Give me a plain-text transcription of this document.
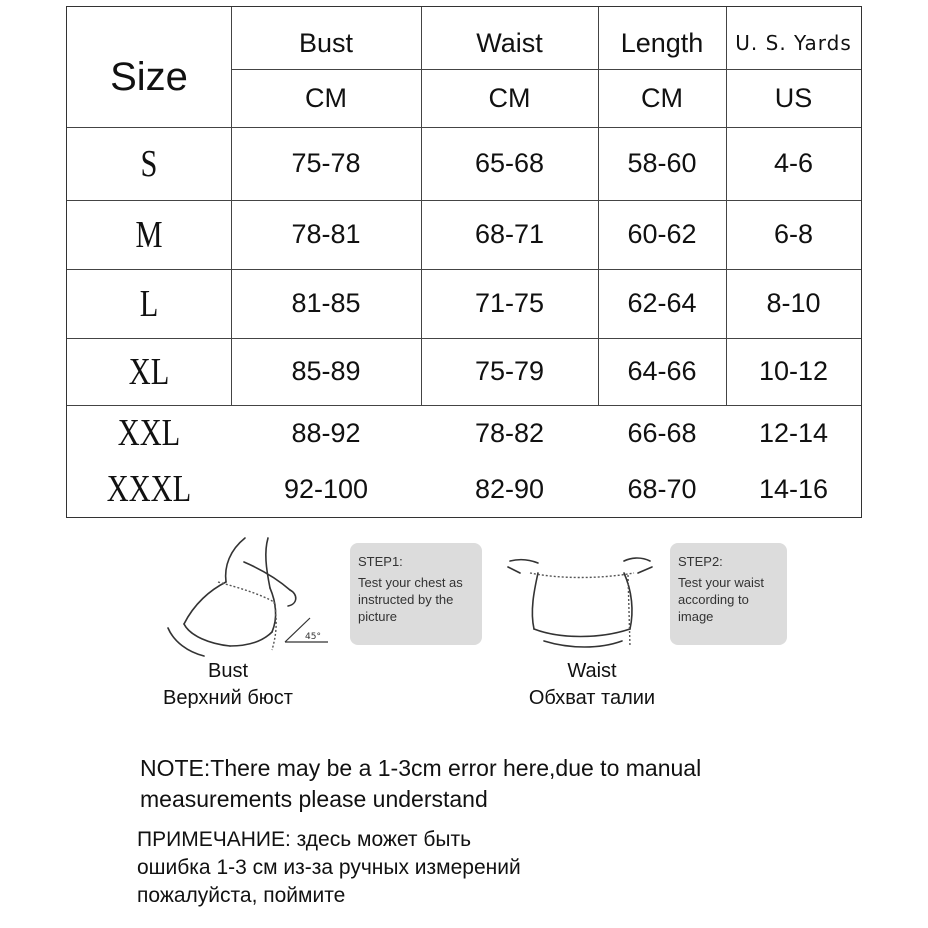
Size
Bust	Waist	Length	U. S. Yards
CM	CM	CM	US
S	75-78	65-68	58-60	4-6
M	78-81	68-71	60-62	6-8
L	81-85	71-75	62-64	8-10
XL	85-89	75-79	64-66	10-12
XXL	88-92	78-82	66-68	12-14
XXXL	92-100	82-90	68-70	14-16
45°
STEP1:
Test your chest as instructed by the picture
STEP2:
Test your waist according to image
Bust
Верхний бюст
Waist
Обхват талии
NOTE:There may be a 1-3cm error here,due to manual
measurements please understand
ПРИМЕЧАНИЕ: здесь может быть
ошибка 1-3 см из-за ручных измерений
пожалуйста, поймите
